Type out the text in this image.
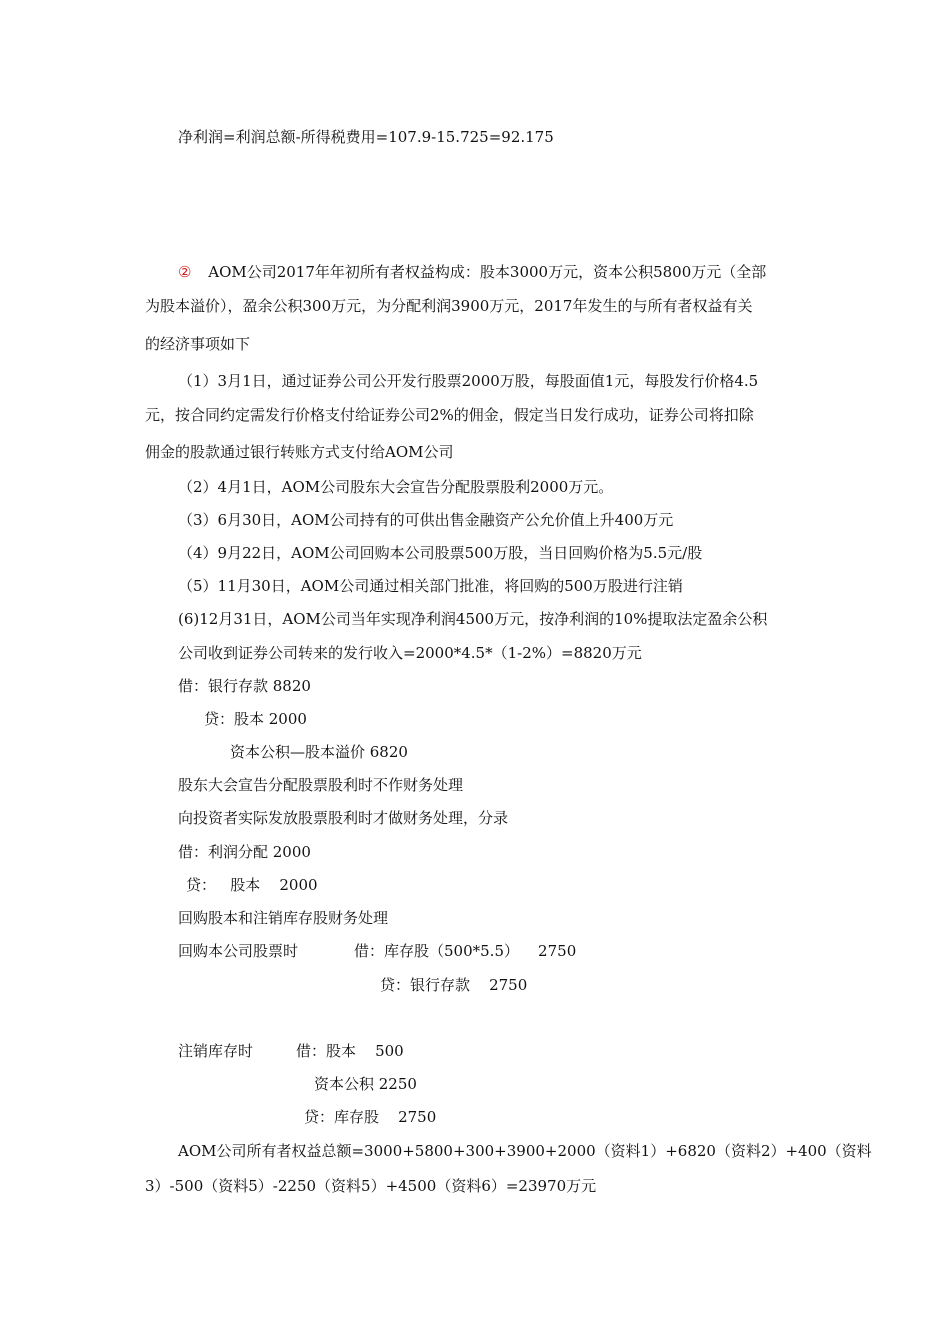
净利润=利润总额-所得税费用=107.9-15.725=92.175
② AOM公司2017年年初所有者权益构成：股本3000万元，资本公积5800万元（全部
为股本溢价），盈余公积300万元，为分配利润3900万元，2017年发生的与所有者权益有关
的经济事项如下
（1）3月1日，通过证券公司公开发行股票2000万股，每股面值1元，每股发行价格4.5
元，按合同约定需发行价格支付给证券公司2%的佣金，假定当日发行成功，证券公司将扣除
佣金的股款通过银行转账方式支付给AOM公司
（2）4月1日，AOM公司股东大会宣告分配股票股利2000万元。
（3）6月30日，AOM公司持有的可供出售金融资产公允价值上升400万元
（4）9月22日，AOM公司回购本公司股票500万股，当日回购价格为5.5元/股
（5）11月30日，AOM公司通过相关部门批准，将回购的500万股进行注销
(6)12月31日，AOM公司当年实现净利润4500万元，按净利润的10%提取法定盈余公积
公司收到证券公司转来的发行收入=2000*4.5*（1-2%）=8820万元
借：银行存款 8820
贷：股本 2000
资本公积—股本溢价 6820
股东大会宣告分配股票股利时不作财务处理
向投资者实际发放股票股利时才做财务处理，分录
借：利润分配 2000
贷：   股本    2000
回购股本和注销库存股财务处理
回购本公司股票时	借：库存股（500*5.5）    2750
贷：银行存款    2750
注销库存时	借：股本    500
资本公积 2250
贷：库存股    2750
AOM公司所有者权益总额=3000+5800+300+3900+2000（资料1）+6820（资料2）+400（资料
3）-500（资料5）-2250（资料5）+4500（资料6）=23970万元
